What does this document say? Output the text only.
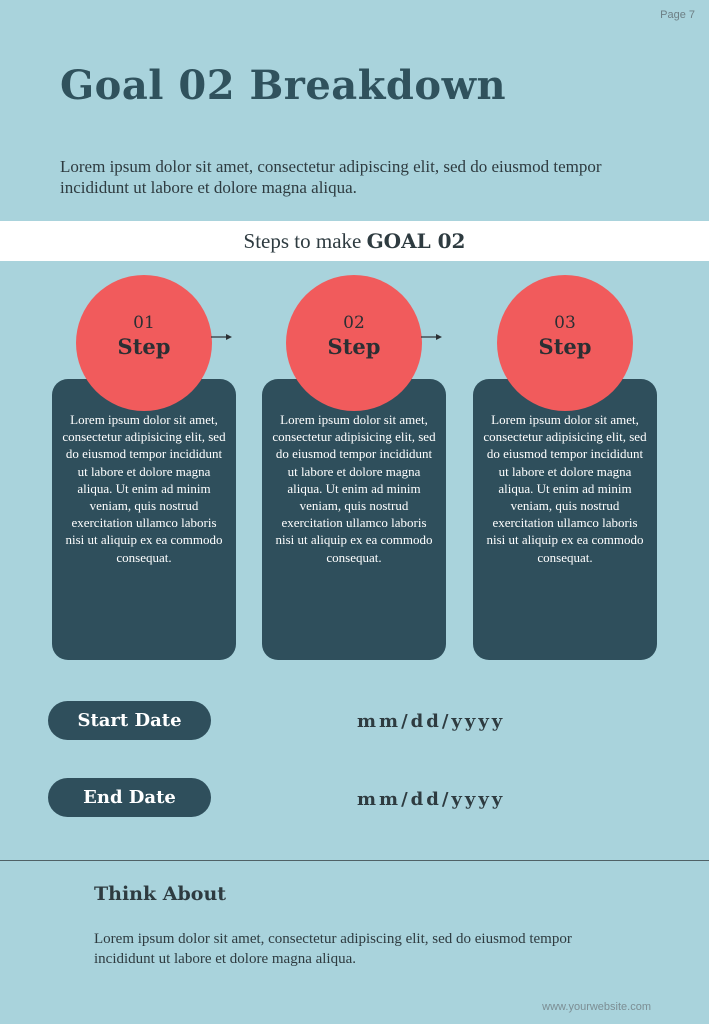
Page 7
Goal 02 Breakdown

Lorem ipsum dolor sit amet, consectetur adipiscing elit, sed do eiusmod tempor incididunt ut labore et dolore magna aliqua.

Steps to make GOAL 02

Lorem ipsum dolor sit amet, consectetur adipisicing elit, sed do eiusmod tempor incididunt ut labore et dolore magna aliqua. Ut enim ad minim veniam, quis nostrud exercitation ullamco laboris nisi ut aliquip ex ea commodo consequat.

Lorem ipsum dolor sit amet, consectetur adipisicing elit, sed do eiusmod tempor incididunt ut labore et dolore magna aliqua. Ut enim ad minim veniam, quis nostrud exercitation ullamco laboris nisi ut aliquip ex ea commodo consequat.

Lorem ipsum dolor sit amet, consectetur adipisicing elit, sed do eiusmod tempor incididunt ut labore et dolore magna aliqua. Ut enim ad minim veniam, quis nostrud exercitation ullamco laboris nisi ut aliquip ex ea commodo consequat.

01
Step
02
Step
03
Step
Start Date	mm/dd/yyyy
End Date	mm/dd/yyyy
Think About

Lorem ipsum dolor sit amet, consectetur adipiscing elit, sed do eiusmod tempor incididunt ut labore et dolore magna aliqua.

www.yourwebsite.com
